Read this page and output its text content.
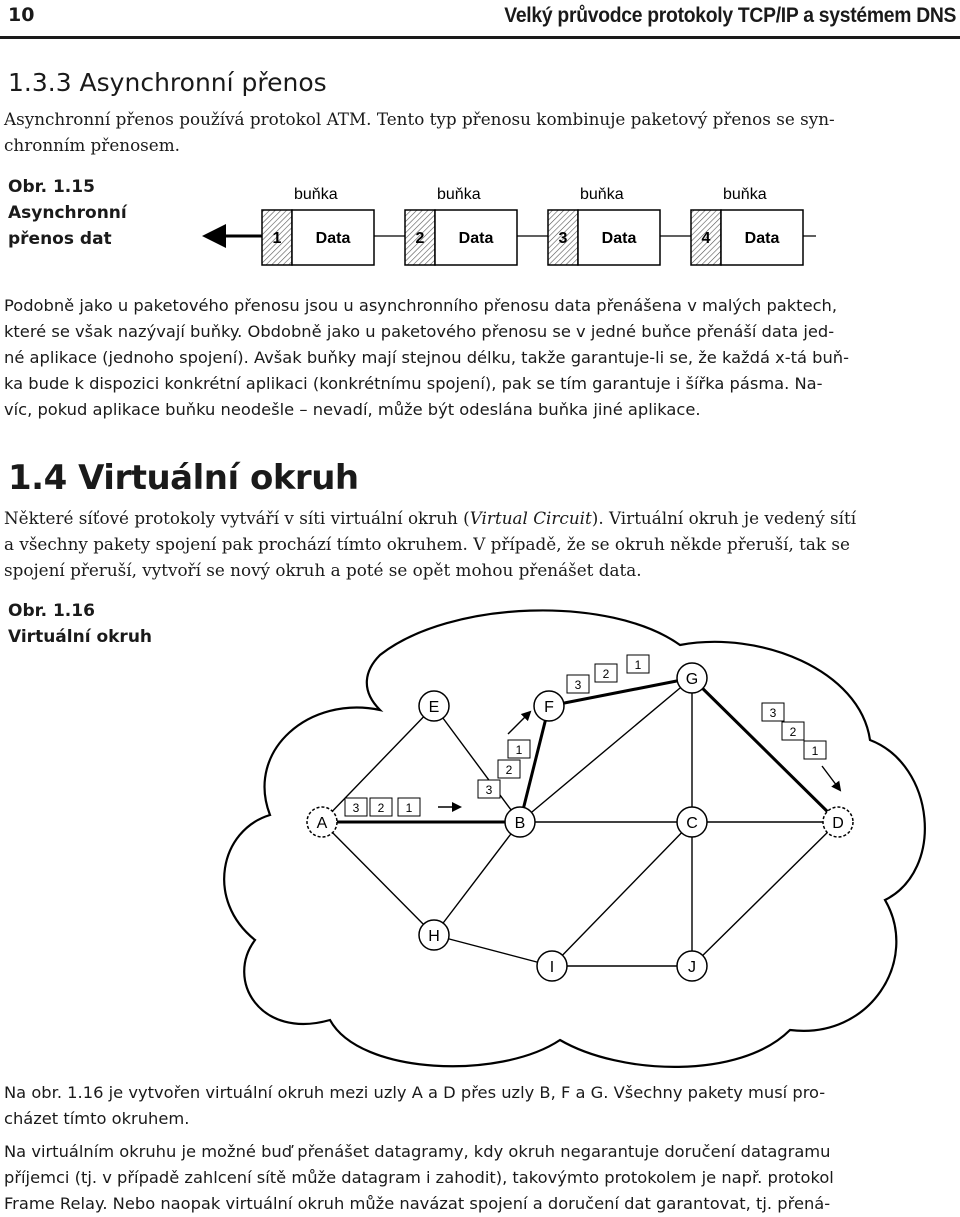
10	Velký průvodce protokoly TCP/IP a systémem DNS
1.3.3 Asynchronní přenos
Asynchronní přenos používá protokol ATM. Tento typ přenosu kombinuje paketový přenos se syn-
chronním přenosem.
Obr. 1.15
Asynchronní
přenos dat
buňka
1 Data
buňka
2 Data
buňka
3 Data
buňka
4 Data
Podobně jako u paketového přenosu jsou u asynchronního přenosu data přenášena v malých paktech,
které se však nazývají buňky. Obdobně jako u paketového přenosu se v jedné buňce přenáší data jed-
né aplikace (jednoho spojení). Avšak buňky mají stejnou délku, takže garantuje-li se, že každá x-tá buň-
ka bude k dispozici konkrétní aplikaci (konkrétnímu spojení), pak se tím garantuje i šířka pásma. Na-
víc, pokud aplikace buňku neodešle – nevadí, může být odeslána buňka jiné aplikace.
1.4 Virtuální okruh
Některé síťové protokoly vytváří v síti virtuální okruh (Virtual Circuit). Virtuální okruh je vedený sítí
a všechny pakety spojení pak prochází tímto okruhem. V případě, že se okruh někde přeruší, tak se
spojení přeruší, vytvoří se nový okruh a poté se opět mohou přenášet data.
Obr. 1.16
Virtuální okruh
A	B	C	D
E	F
G
H
I	J
3 2 1
3
2
1
3
2
1
3
2
1
Na obr. 1.16 je vytvořen virtuální okruh mezi uzly A a D přes uzly B, F a G. Všechny pakety musí pro-
cházet tímto okruhem.
Na virtuálním okruhu je možné buď přenášet datagramy, kdy okruh negarantuje doručení datagramu
příjemci (tj. v případě zahlcení sítě může datagram i zahodit), takovýmto protokolem je např. protokol
Frame Relay. Nebo naopak virtuální okruh může navázat spojení a doručení dat garantovat, tj. přená-
